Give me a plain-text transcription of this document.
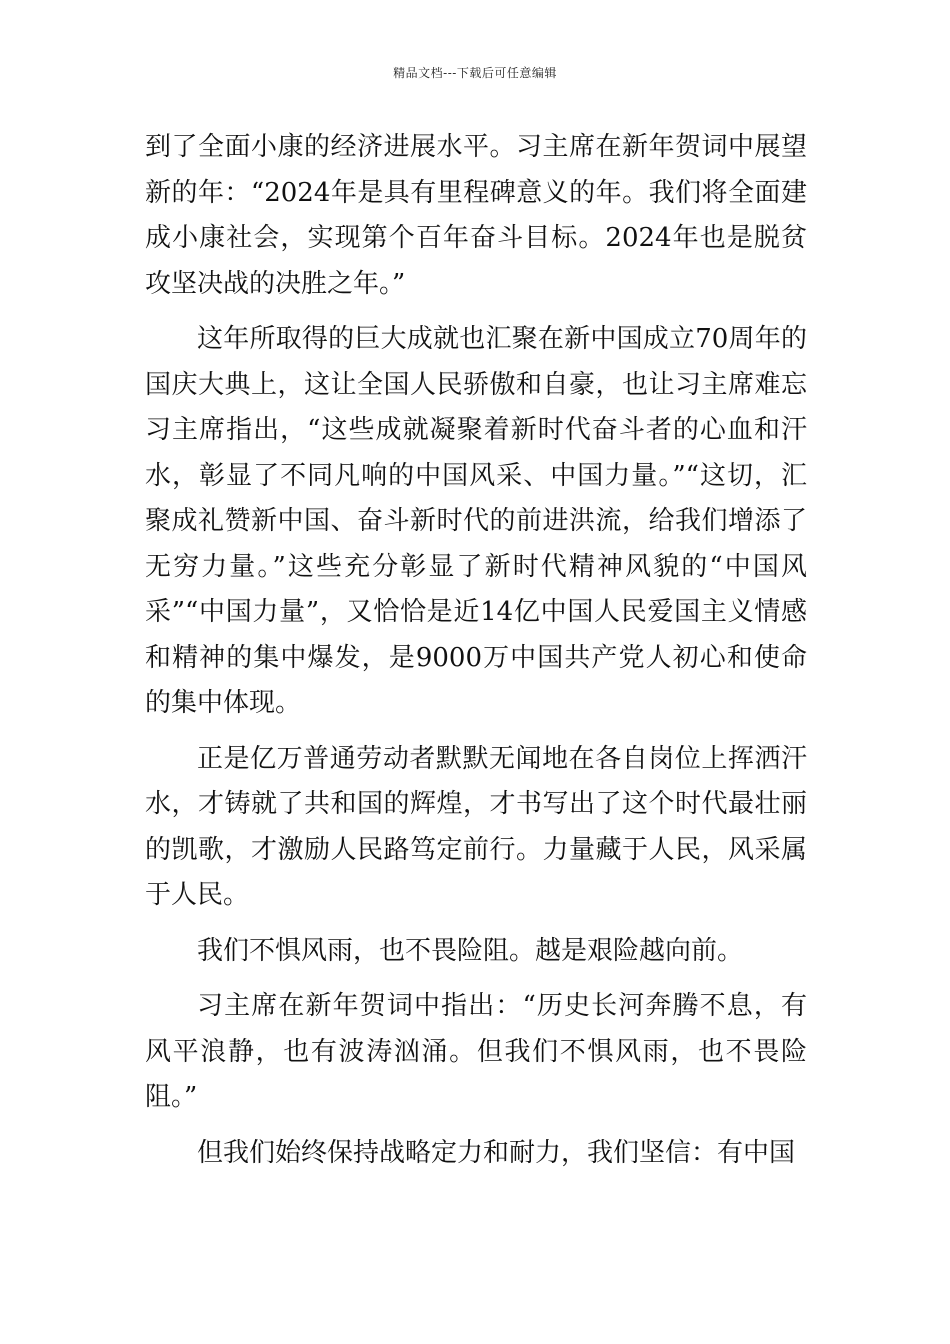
精品文档---下载后可任意编辑

到了全面小康的经济进展水平。习主席在新年贺词中展望新的年：“2024年是具有里程碑意义的年。我们将全面建成小康社会，实现第个百年奋斗目标。2024年也是脱贫攻坚决战的决胜之年。”

这年所取得的巨大成就也汇聚在新中国成立70周年的国庆大典上，这让全国人民骄傲和自豪，也让习主席难忘习主席指出，“这些成就凝聚着新时代奋斗者的心血和汗水，彰显了不同凡响的中国风采、中国力量。”“这切，汇聚成礼赞新中国、奋斗新时代的前进洪流，给我们增添了无穷力量。”这些充分彰显了新时代精神风貌的“中国风采”“中国力量”，又恰恰是近14亿中国人民爱国主义情感和精神的集中爆发，是9000万中国共产党人初心和使命的集中体现。

正是亿万普通劳动者默默无闻地在各自岗位上挥洒汗水，才铸就了共和国的辉煌，才书写出了这个时代最壮丽的凯歌，才激励人民路笃定前行。力量藏于人民，风采属于人民。

我们不惧风雨，也不畏险阻。越是艰险越向前。

习主席在新年贺词中指出：“历史长河奔腾不息，有风平浪静，也有波涛汹涌。但我们不惧风雨，也不畏险阻。”

但我们始终保持战略定力和耐力，我们坚信：有中国
